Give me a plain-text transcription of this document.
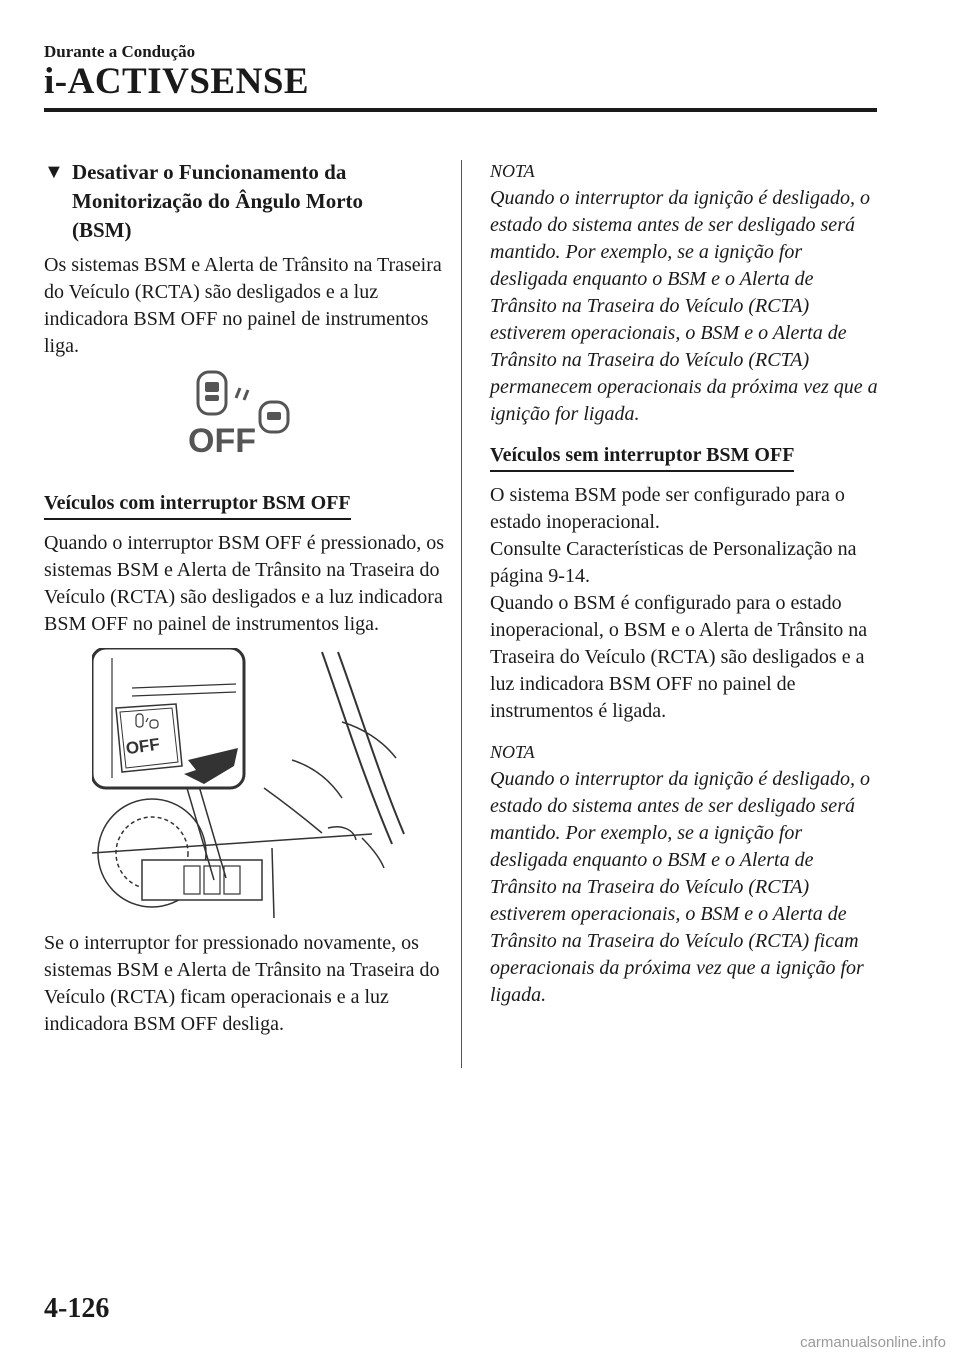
Durante a Condução
i-ACTIVSENSE
▼ Desativar o Funcionamento da
Monitorização do Ângulo Morto
(BSM)

Os sistemas BSM e Alerta de Trânsito na Traseira do Veículo (RCTA) são desligados e a luz indicadora BSM OFF no painel de instrumentos liga.

OFF
Veículos com interruptor BSM OFF

Quando o interruptor BSM OFF é pressionado, os sistemas BSM e Alerta de Trânsito na Traseira do Veículo (RCTA) são desligados e a luz indicadora BSM OFF no painel de instrumentos liga.

OFF

Se o interruptor for pressionado novamente, os sistemas BSM e Alerta de Trânsito na Traseira do Veículo (RCTA) ficam operacionais e a luz indicadora BSM OFF desliga.

NOTA

Quando o interruptor da ignição é desligado, o estado do sistema antes de ser desligado será mantido. Por exemplo, se a ignição for desligada enquanto o BSM e o Alerta de Trânsito na Traseira do Veículo (RCTA) estiverem operacionais, o BSM e o Alerta de Trânsito na Traseira do Veículo (RCTA) permanecem operacionais da próxima vez que a ignição for ligada.

Veículos sem interruptor BSM OFF

O sistema BSM pode ser configurado para o estado inoperacional.

Consulte Características de Personalização na página 9-14.

Quando o BSM é configurado para o estado inoperacional, o BSM e o Alerta de Trânsito na Traseira do Veículo (RCTA) são desligados e a luz indicadora BSM OFF no painel de instrumentos é ligada.

NOTA

Quando o interruptor da ignição é desligado, o estado do sistema antes de ser desligado será mantido. Por exemplo, se a ignição for desligada enquanto o BSM e o Alerta de Trânsito na Traseira do Veículo (RCTA) estiverem operacionais, o BSM e o Alerta de Trânsito na Traseira do Veículo (RCTA) ficam operacionais da próxima vez que a ignição for ligada.

4-126
carmanualsonline.info
